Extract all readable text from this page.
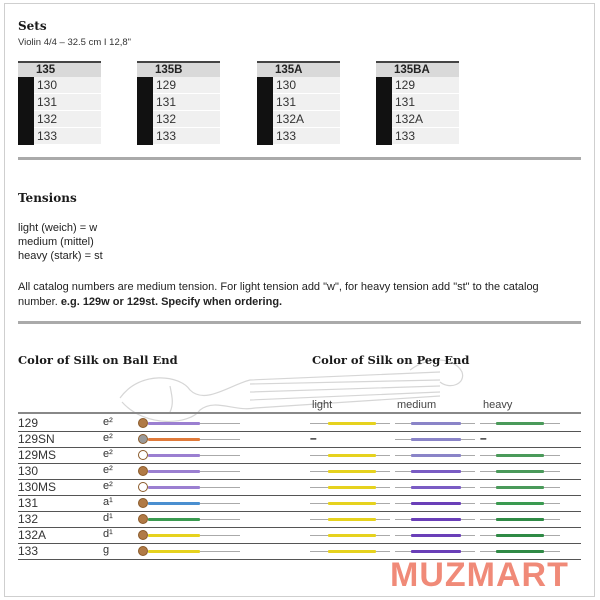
Sets
Violin 4/4 – 32.5 cm I 12,8"
135
130
131
132
133
135B
129
131
132
133
135A
130
131
132A
133
135BA
129
131
132A
133
Tensions
light (weich) = w
medium (mittel)
heavy (stark) = st
All catalog numbers are medium tension. For light tension add "w", for heavy tension add "st" to the catalog number. e.g. 129w or 129st. Specify when ordering.
Color of Silk on Ball End	Color of Silk on Peg End
light	medium	heavy
129	e²
129SN	e²	–	–
129MS	e²
130	e²
130MS	e²
131	a¹
132	d¹
132A	d¹
133	g
MUZMART
